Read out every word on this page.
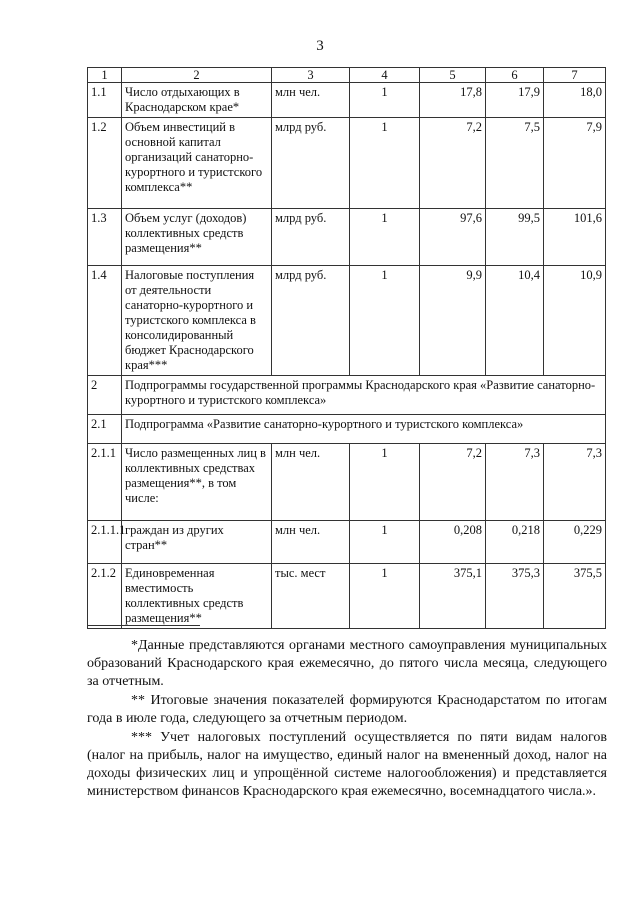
3
1	2	3	4	5	6	7
1.1	Число отдыхающих в Краснодарском крае*	млн чел.	1	17,8	17,9	18,0
1.2	Объем инвестиций в основной капитал организаций санаторно-курортного и туристского комплекса**	млрд руб.	1	7,2	7,5	7,9
1.3	Объем услуг (доходов) коллективных средств размещения**	млрд руб.	1	97,6	99,5	101,6
1.4	Налоговые поступления от деятельности санаторно-курортного и туристского комплекса в консолидированный бюджет Краснодарского края***	млрд руб.	1	9,9	10,4	10,9
2	Подпрограммы государственной программы Краснодарского края «Развитие санаторно-курортного и туристского комплекса»					
2.1	Подпрограмма «Развитие санаторно-курортного и туристского комплекса»					
2.1.1	Число размещенных лиц в коллективных средствах размещения**, в том числе:	млн чел.	1	7,2	7,3	7,3
2.1.1.1	граждан из других стран**	млн чел.	1	0,208	0,218	0,229
2.1.2	Единовременная вместимость коллективных средств размещения**	тыс. мест	1	375,1	375,3	375,5

*Данные представляются органами местного самоуправления муниципальных образований Краснодарского края ежемесячно, до пятого числа месяца, следующего за отчетным.

** Итоговые значения показателей формируются Краснодарстатом по итогам года в июле года, следующего за отчетным периодом.

*** Учет налоговых поступлений осуществляется по пяти видам налогов (налог на прибыль, налог на имущество, единый налог на вмененный доход, налог на доходы физических лиц и упрощённой системе налогообложения) и представляется министерством финансов Краснодарского края ежемесячно, восемнадцатого числа.».
